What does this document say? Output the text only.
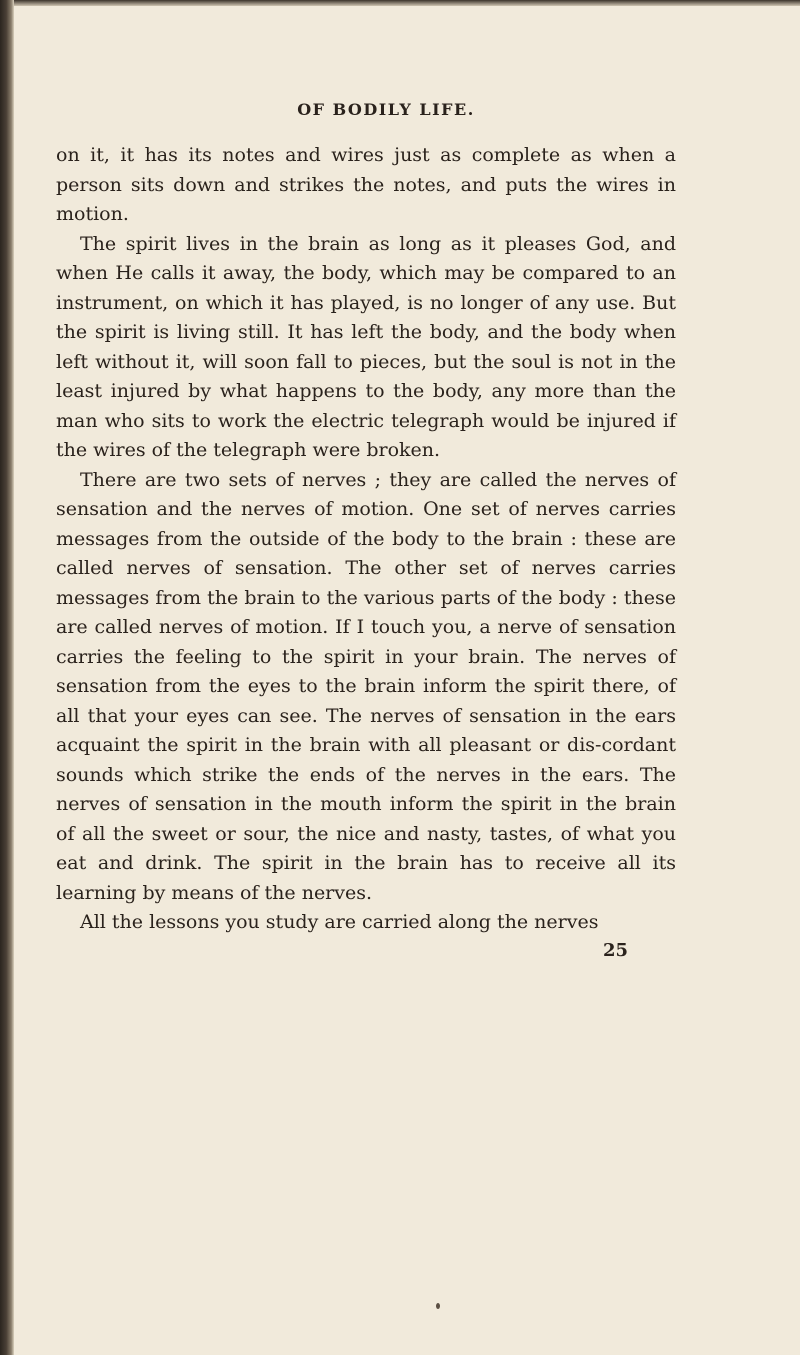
OF BODILY LIFE.

on it, it has its notes and wires just as complete as when a person sits down and strikes the notes, and puts the wires in motion.

The spirit lives in the brain as long as it pleases God, and when He calls it away, the body, which may be compared to an instrument, on which it has played, is no longer of any use. But the spirit is living still. It has left the body, and the body when left without it, will soon fall to pieces, but the soul is not in the least injured by what happens to the body, any more than the man who sits to work the electric telegraph would be injured if the wires of the telegraph were broken.

There are two sets of nerves ; they are called the nerves of sensation and the nerves of motion. One set of nerves carries messages from the outside of the body to the brain : these are called nerves of sensation. The other set of nerves carries messages from the brain to the various parts of the body : these are called nerves of motion. If I touch you, a nerve of sensation carries the feeling to the spirit in your brain. The nerves of sensation from the eyes to the brain inform the spirit there, of all that your eyes can see. The nerves of sensation in the ears acquaint the spirit in the brain with all pleasant or dis-cordant sounds which strike the ends of the nerves in the ears. The nerves of sensation in the mouth inform the spirit in the brain of all the sweet or sour, the nice and nasty, tastes, of what you eat and drink. The spirit in the brain has to receive all its learning by means of the nerves.

All the lessons you study are carried along the nerves

25
